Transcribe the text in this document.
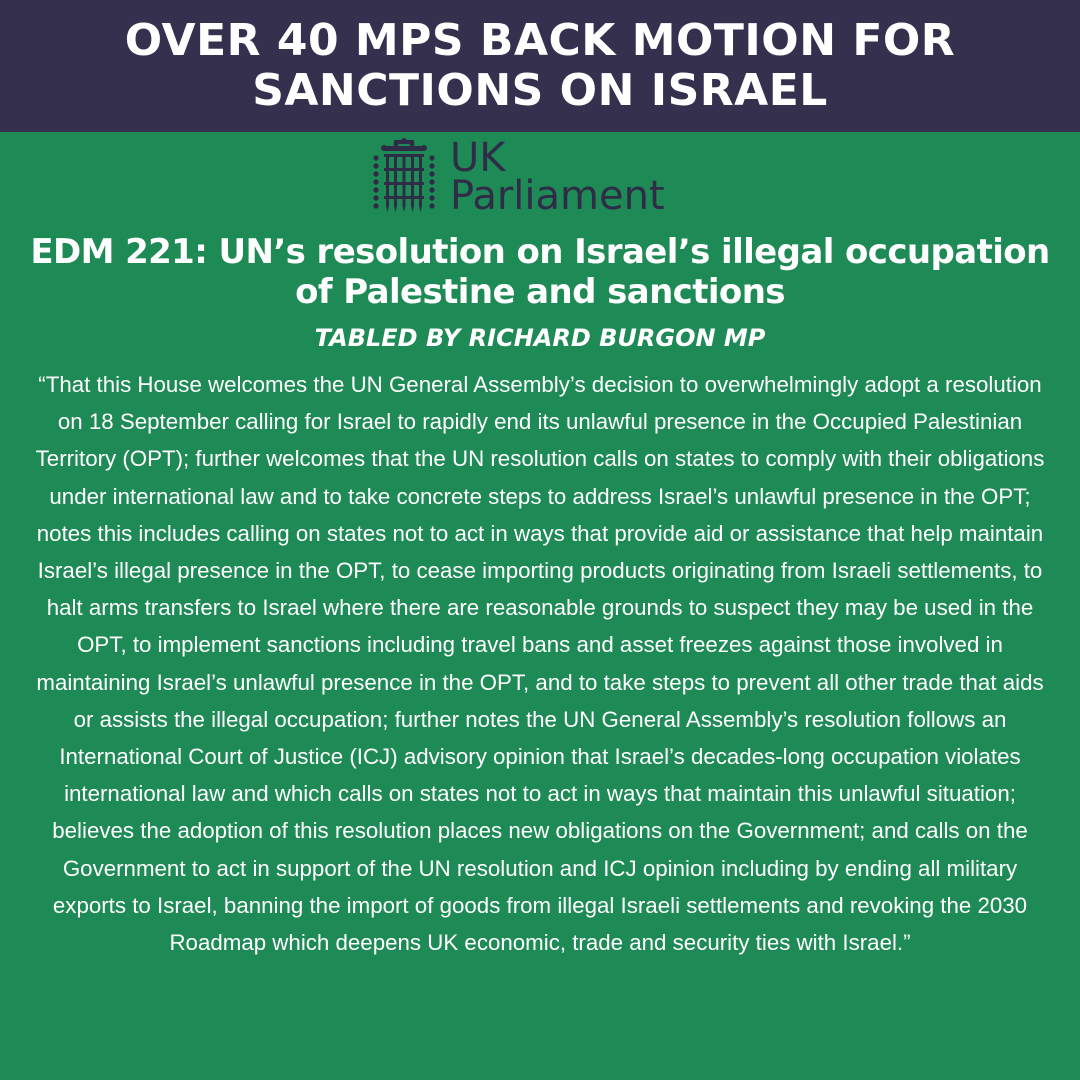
OVER 40 MPS BACK MOTION FOR SANCTIONS ON ISRAEL
UK
Parliament
EDM 221: UN’s resolution on Israel’s illegal occupation of Palestine and sanctions
TABLED BY RICHARD BURGON MP

“That this House welcomes the UN General Assembly’s decision to overwhelmingly adopt a resolution on 18 September calling for Israel to rapidly end its unlawful presence in the Occupied Palestinian Territory (OPT); further welcomes that the UN resolution calls on states to comply with their obligations under international law and to take concrete steps to address Israel’s unlawful presence in the OPT; notes this includes calling on states not to act in ways that provide aid or assistance that help maintain Israel’s illegal presence in the OPT, to cease importing products originating from Israeli settlements, to halt arms transfers to Israel where there are reasonable grounds to suspect they may be used in the OPT, to implement sanctions including travel bans and asset freezes against those involved in maintaining Israel’s unlawful presence in the OPT, and to take steps to prevent all other trade that aids or assists the illegal occupation; further notes the UN General Assembly’s resolution follows an International Court of Justice (ICJ) advisory opinion that Israel’s decades-long occupation violates international law and which calls on states not to act in ways that maintain this unlawful situation; believes the adoption of this resolution places new obligations on the Government; and calls on the Government to act in support of the UN resolution and ICJ opinion including by ending all military exports to Israel, banning the import of goods from illegal Israeli settlements and revoking the 2030 Roadmap which deepens UK economic, trade and security ties with Israel.”
